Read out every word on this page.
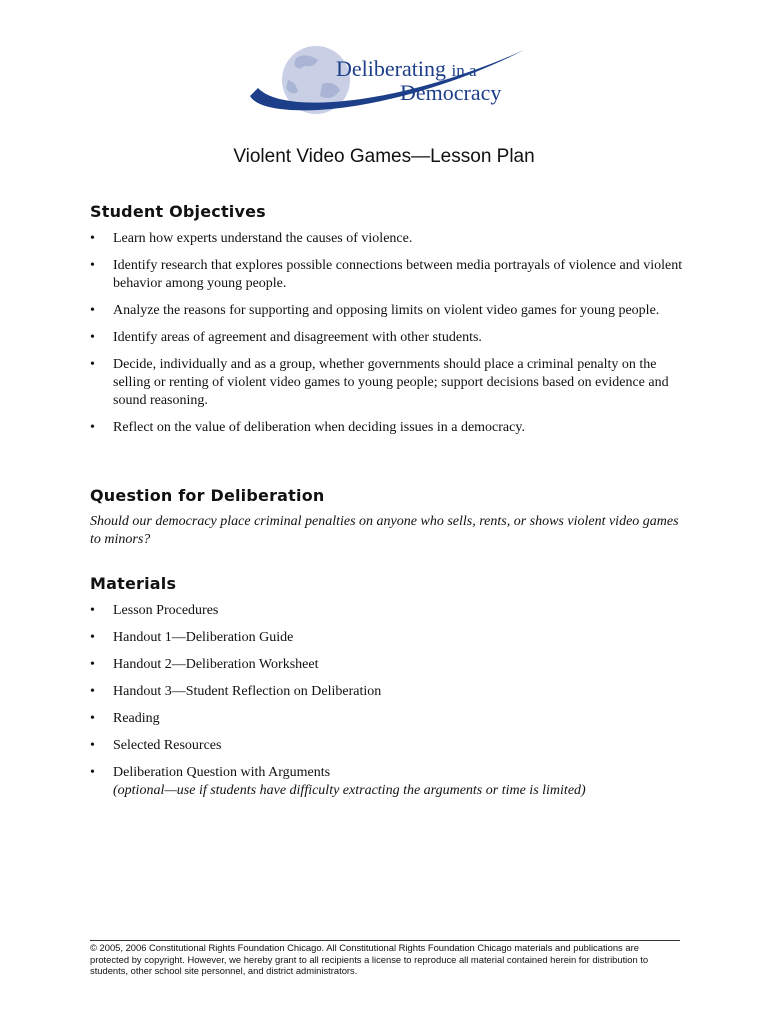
Deliberating in a
Democracy
Violent Video Games—Lesson Plan
Student Objectives
• Learn how experts understand the causes of violence.
• Identify research that explores possible connections between media portrayals of violence and violent behavior among young people.
• Analyze the reasons for supporting and opposing limits on violent video games for young people.
• Identify areas of agreement and disagreement with other students.
• Decide, individually and as a group, whether governments should place a criminal penalty on the selling or renting of violent video games to young people; support decisions based on evidence and sound reasoning.
• Reflect on the value of deliberation when deciding issues in a democracy.
Question for Deliberation
Should our democracy place criminal penalties on anyone who sells, rents, or shows violent video games to minors?
Materials
• Lesson Procedures
• Handout 1—Deliberation Guide
• Handout 2—Deliberation Worksheet
• Handout 3—Student Reflection on Deliberation
• Reading
• Selected Resources
• Deliberation Question with Arguments
(optional—use if students have difficulty extracting the arguments or time is limited)
© 2005, 2006 Constitutional Rights Foundation Chicago. All Constitutional Rights Foundation Chicago materials and publications are protected by copyright. However, we hereby grant to all recipients a license to reproduce all material contained herein for distribution to students, other school site personnel, and district administrators.
